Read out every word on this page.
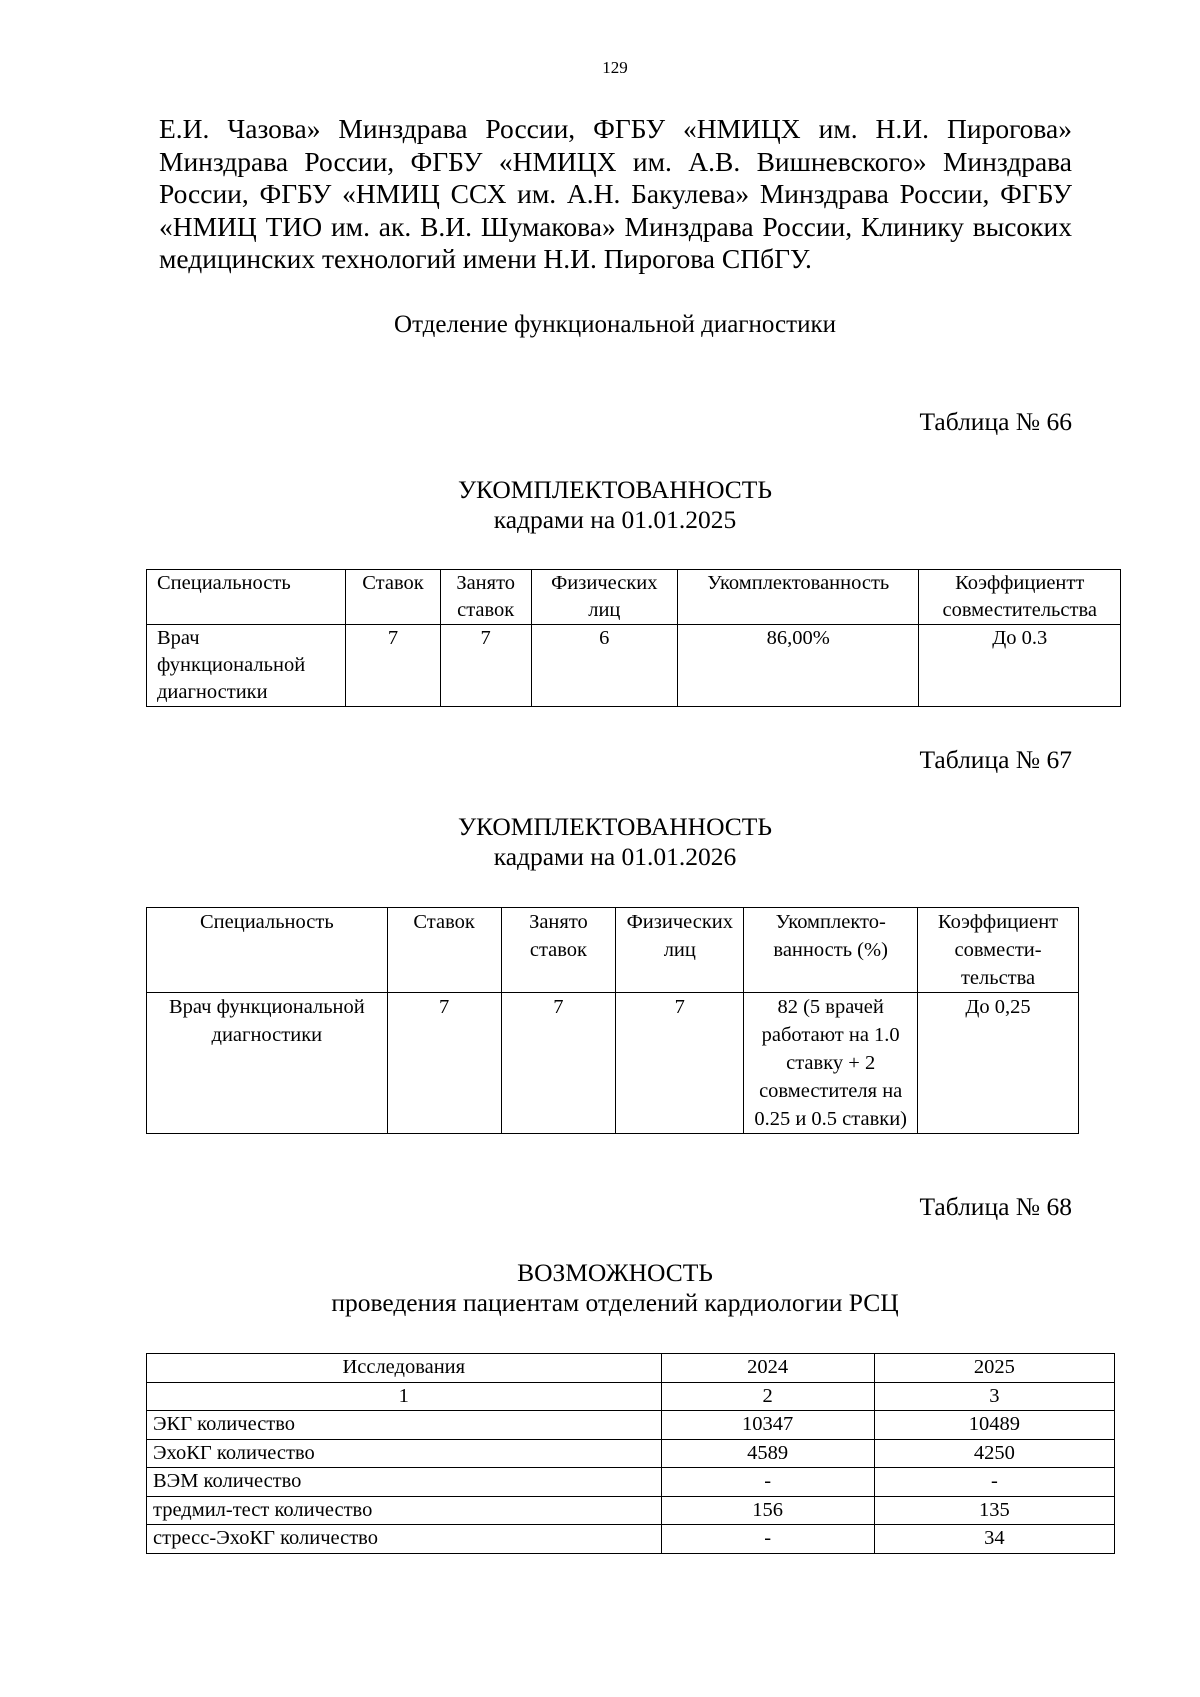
129
Е.И. Чазова» Минздрава России, ФГБУ «НМИЦХ им. Н.И. Пирогова» Минздрава России, ФГБУ «НМИЦХ им. А.В. Вишневского» Минздрава России, ФГБУ «НМИЦ ССХ им. А.Н. Бакулева» Минздрава России, ФГБУ «НМИЦ ТИО им. ак. В.И. Шумакова» Минздрава России, Клинику высоких медицинских технологий имени Н.И. Пирогова СПбГУ.
Отделение функциональной диагностики
Таблица № 66
УКОМПЛЕКТОВАННОСТЬ
кадрами на 01.01.2025
Специальность	Ставок	Занято ставок	Физических лиц	Укомплектованность	Коэффициентт совместительства
Врач функциональной диагностики	7	7	6	86,00%	До 0.3
Таблица № 67
УКОМПЛЕКТОВАННОСТЬ
кадрами на 01.01.2026
Специальность	Ставок	Занято ставок	Физических лиц	Укомплекто-ванность (%)	Коэффициент совмести-тельства
Врач функциональной диагностики	7	7	7	82 (5 врачей работают на 1.0 ставку + 2 совместителя на 0.25 и 0.5 ставки)	До 0,25
Таблица № 68
ВОЗМОЖНОСТЬ
проведения пациентам отделений кардиологии РСЦ
Исследования	2024	2025
1	2	3
ЭКГ количество	10347	10489
ЭхоКГ количество	4589	4250
ВЭМ количество	-	-
тредмил-тест количество	156	135
стресс-ЭхоКГ количество	-	34
